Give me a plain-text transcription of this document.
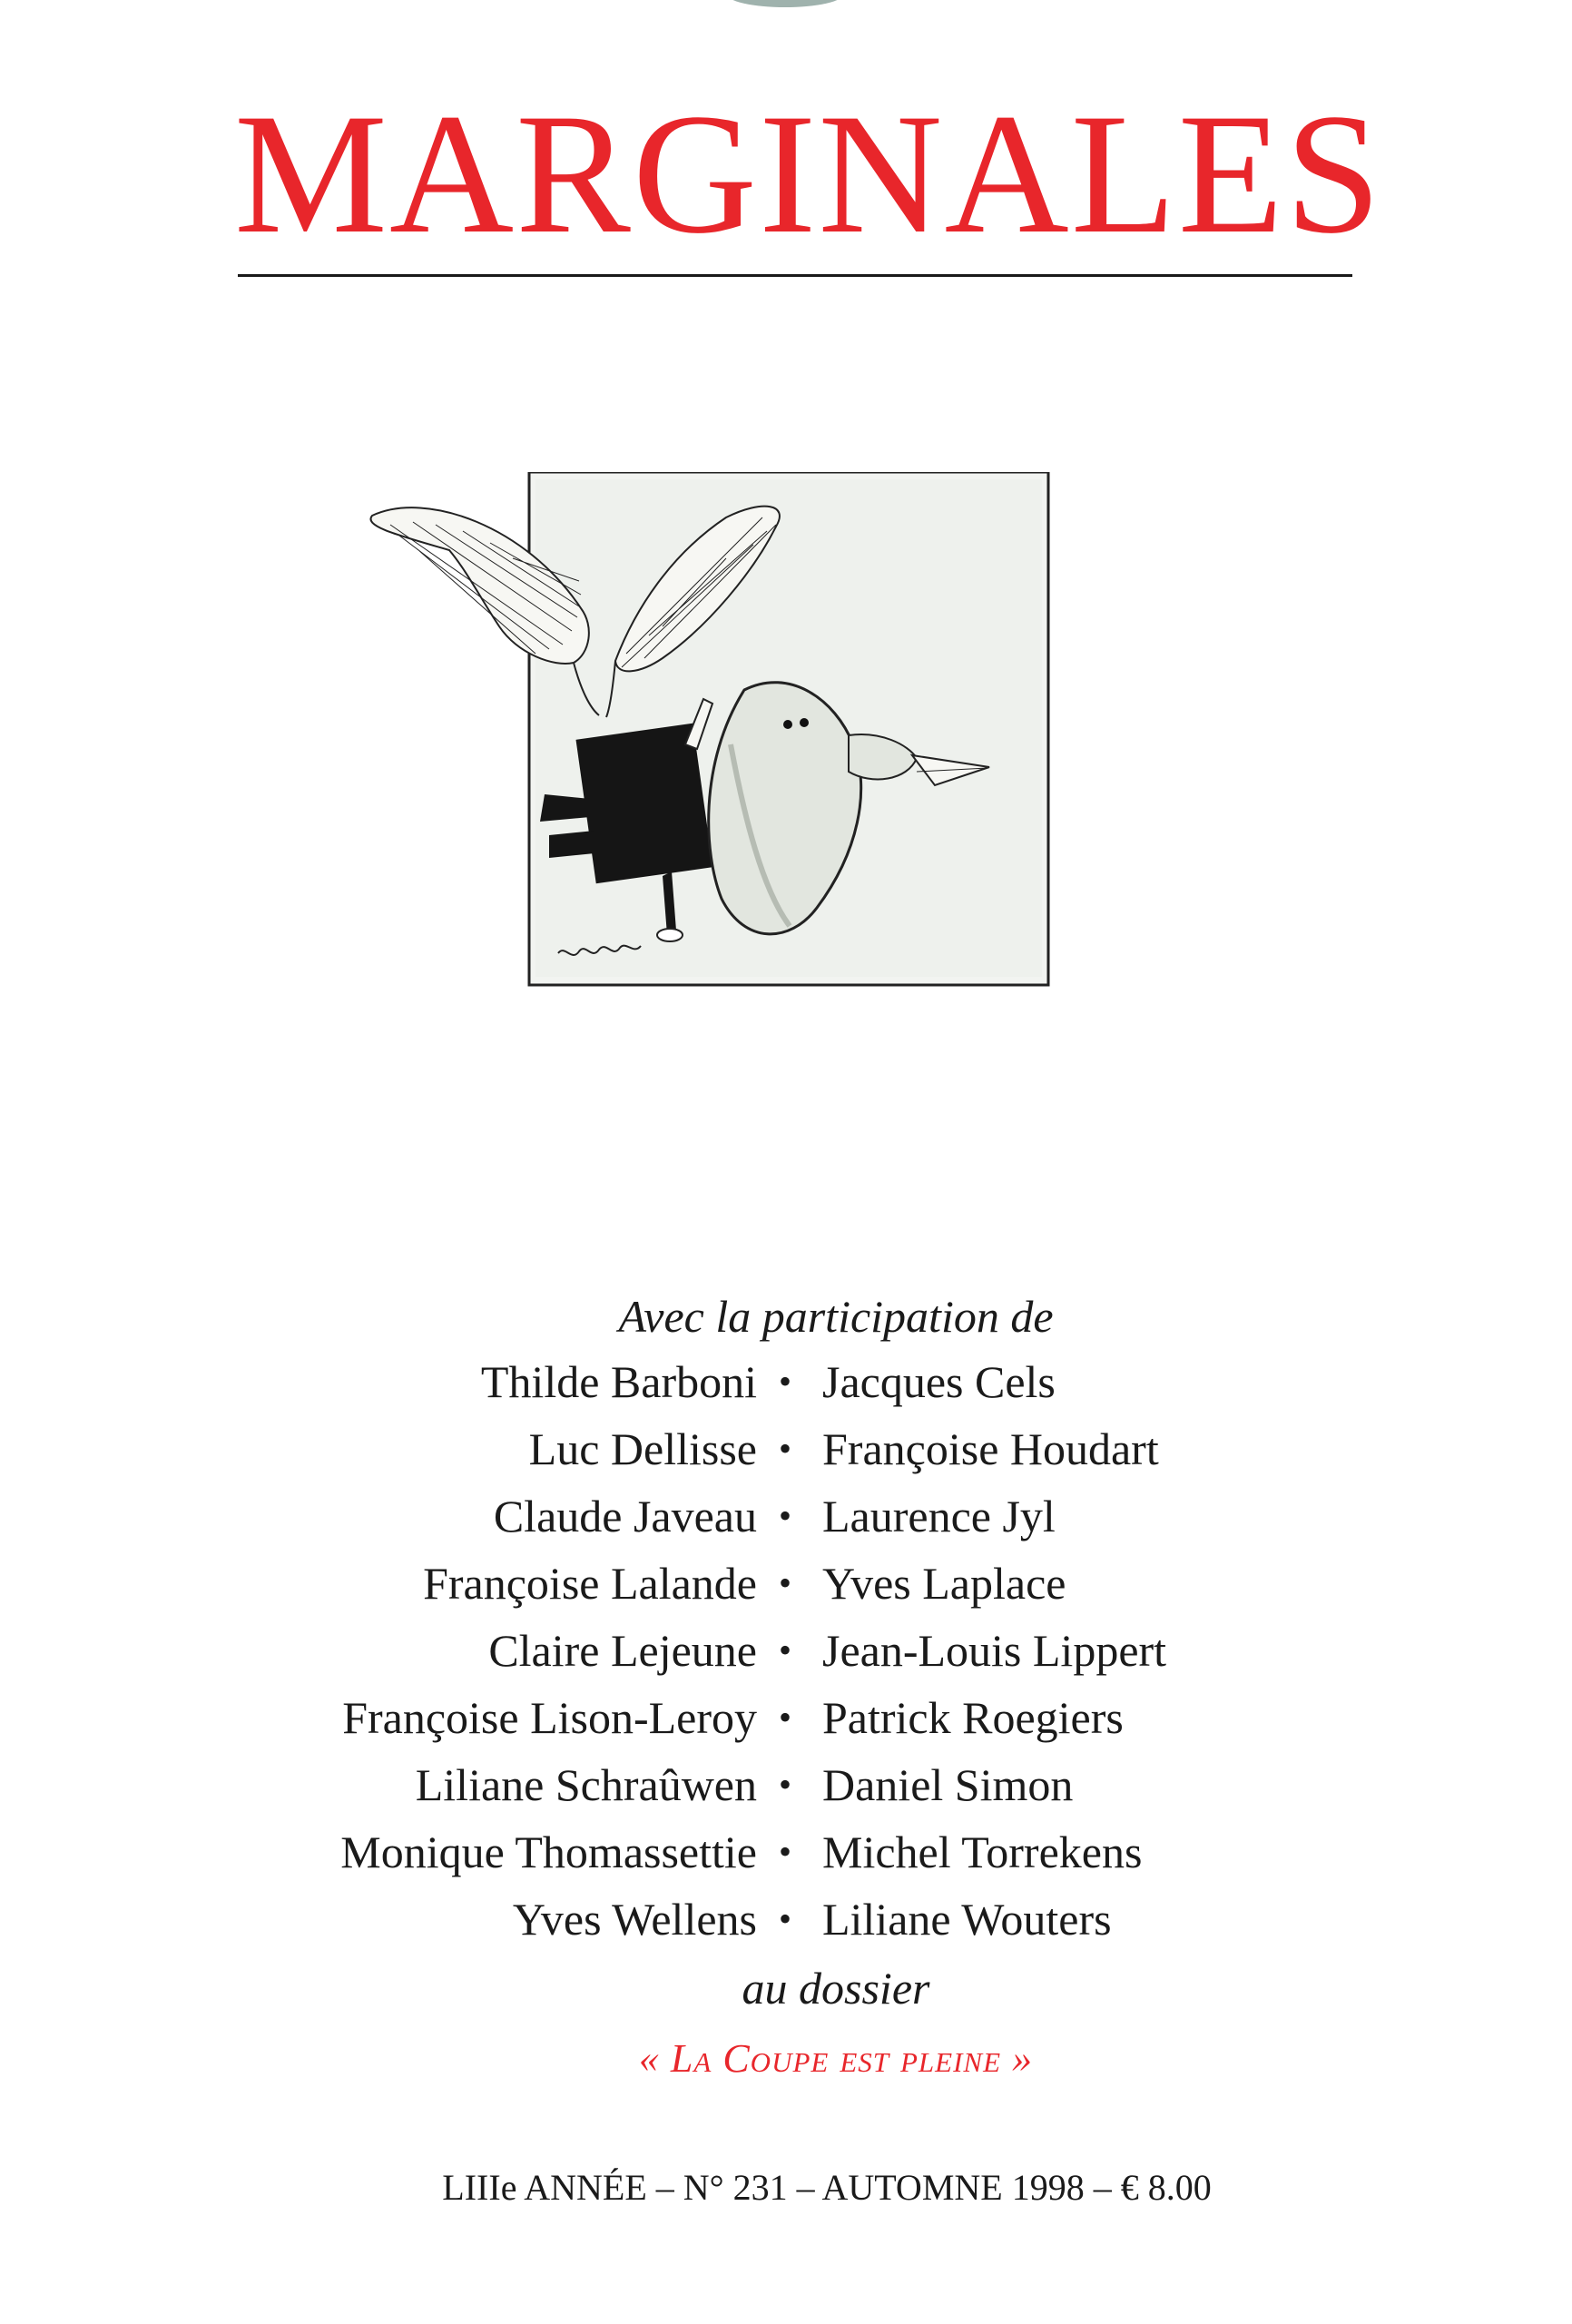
MARGINALES
Avec la participation de
Thilde Barboni • Jacques Cels
Luc Dellisse • Françoise Houdart
Claude Javeau • Laurence Jyl
Françoise Lalande • Yves Laplace
Claire Lejeune • Jean-Louis Lippert
Françoise Lison-Leroy • Patrick Roegiers
Liliane Schraûwen • Daniel Simon
Monique Thomassettie • Michel Torrekens
Yves Wellens • Liliane Wouters
au dossier
« La Coupe est pleine »
LIIIe ANNÉE – N° 231 – AUTOMNE 1998 – € 8.00
